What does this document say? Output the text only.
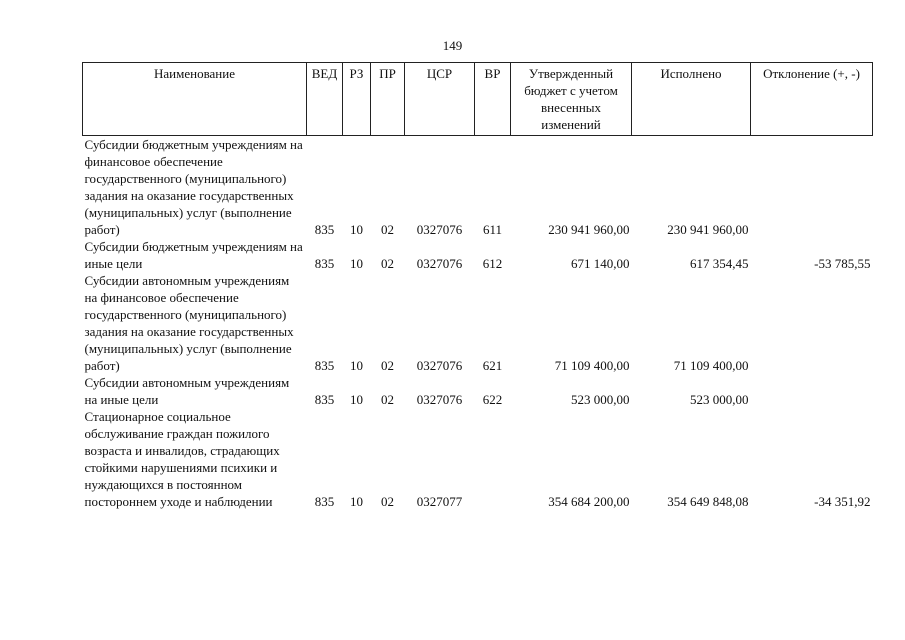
149
Наименование	ВЕД	РЗ	ПР	ЦСР	ВР	Утвержденный бюджет с учетом внесенных изменений	Исполнено	Отклонение (+, -)
Субсидии бюджетным учреждениям на финансовое обеспечение государственного (муниципального) задания на оказание государственных (муниципальных) услуг (выполнение работ)	835	10	02	0327076	611	230 941 960,00	230 941 960,00	
Субсидии бюджетным учреждениям на иные цели	835	10	02	0327076	612	671 140,00	617 354,45	-53 785,55
Субсидии автономным учреждениям на финансовое обеспечение государственного (муниципального) задания на оказание государственных (муниципальных) услуг (выполнение работ)	835	10	02	0327076	621	71 109 400,00	71 109 400,00	
Субсидии автономным учреждениям на иные цели	835	10	02	0327076	622	523 000,00	523 000,00	
Стационарное социальное обслуживание граждан пожилого возраста и инвалидов, страдающих стойкими нарушениями психики и нуждающихся в постоянном постороннем уходе и наблюдении	835	10	02	0327077		354 684 200,00	354 649 848,08	-34 351,92
